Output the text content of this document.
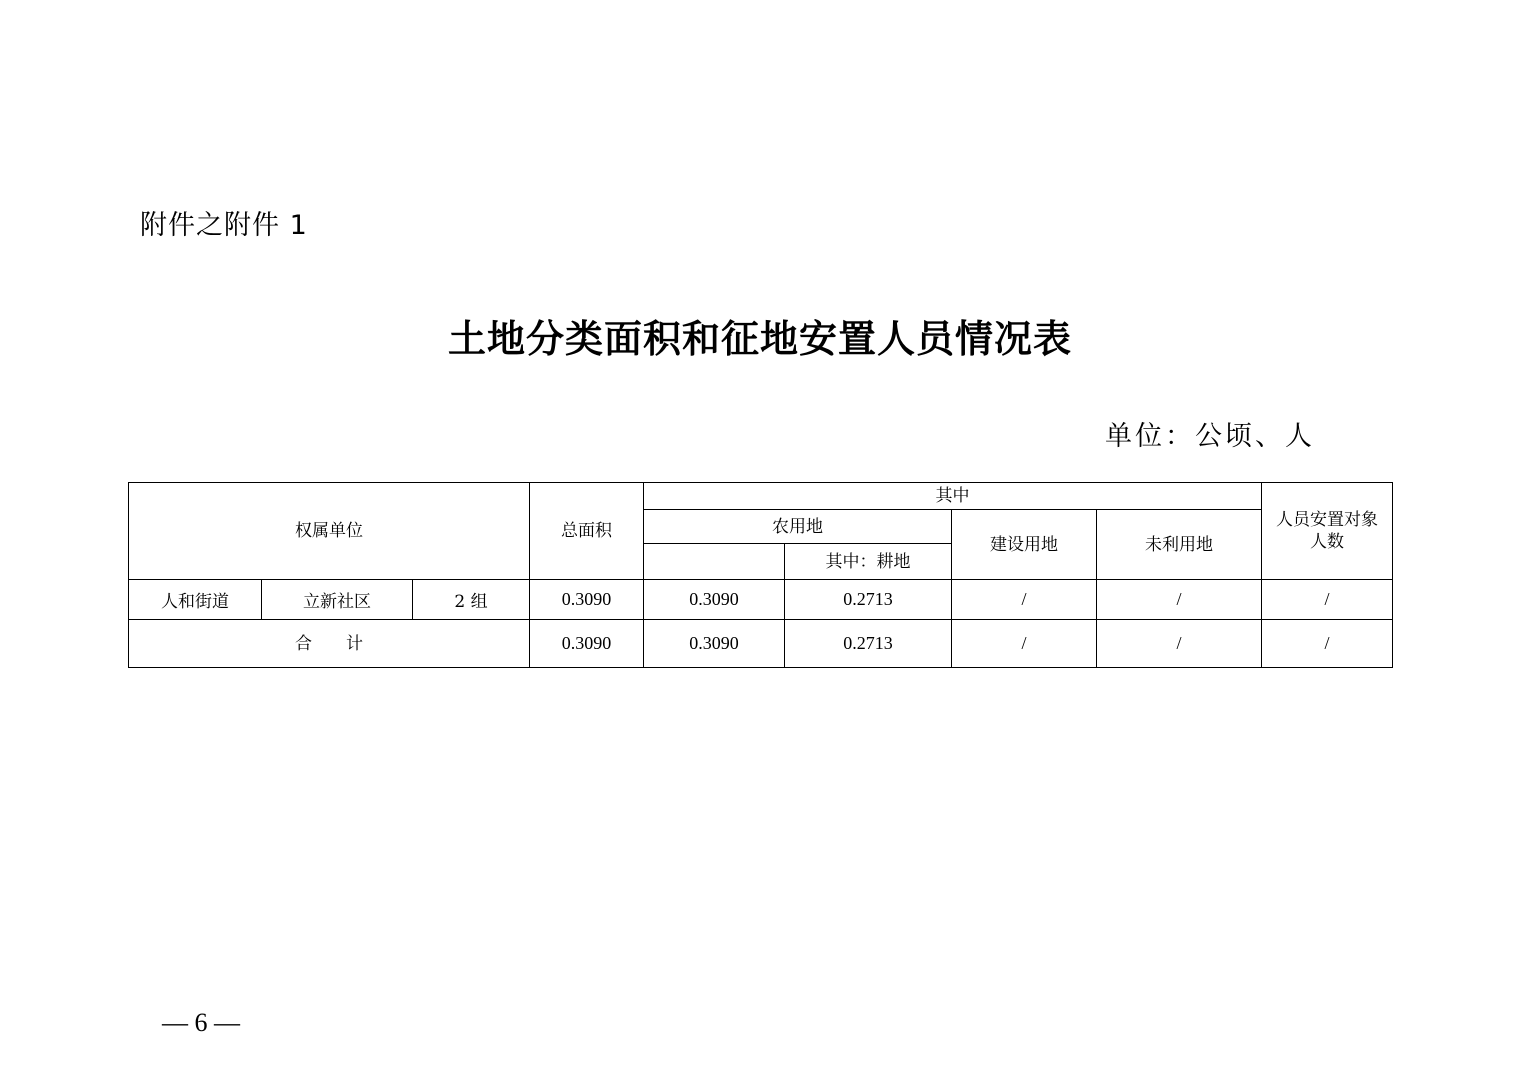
附件之附件 1
土地分类面积和征地安置人员情况表
单位：公顷、人
权属单位			总面积	其中				人员安置对象人数
				农用地		建设用地	未利用地	
					其中：耕地			
人和街道	立新社区	2 组	0.3090	0.3090	0.2713	/	/	/
合　　计			0.3090	0.3090	0.2713	/	/	/
— 6 —
